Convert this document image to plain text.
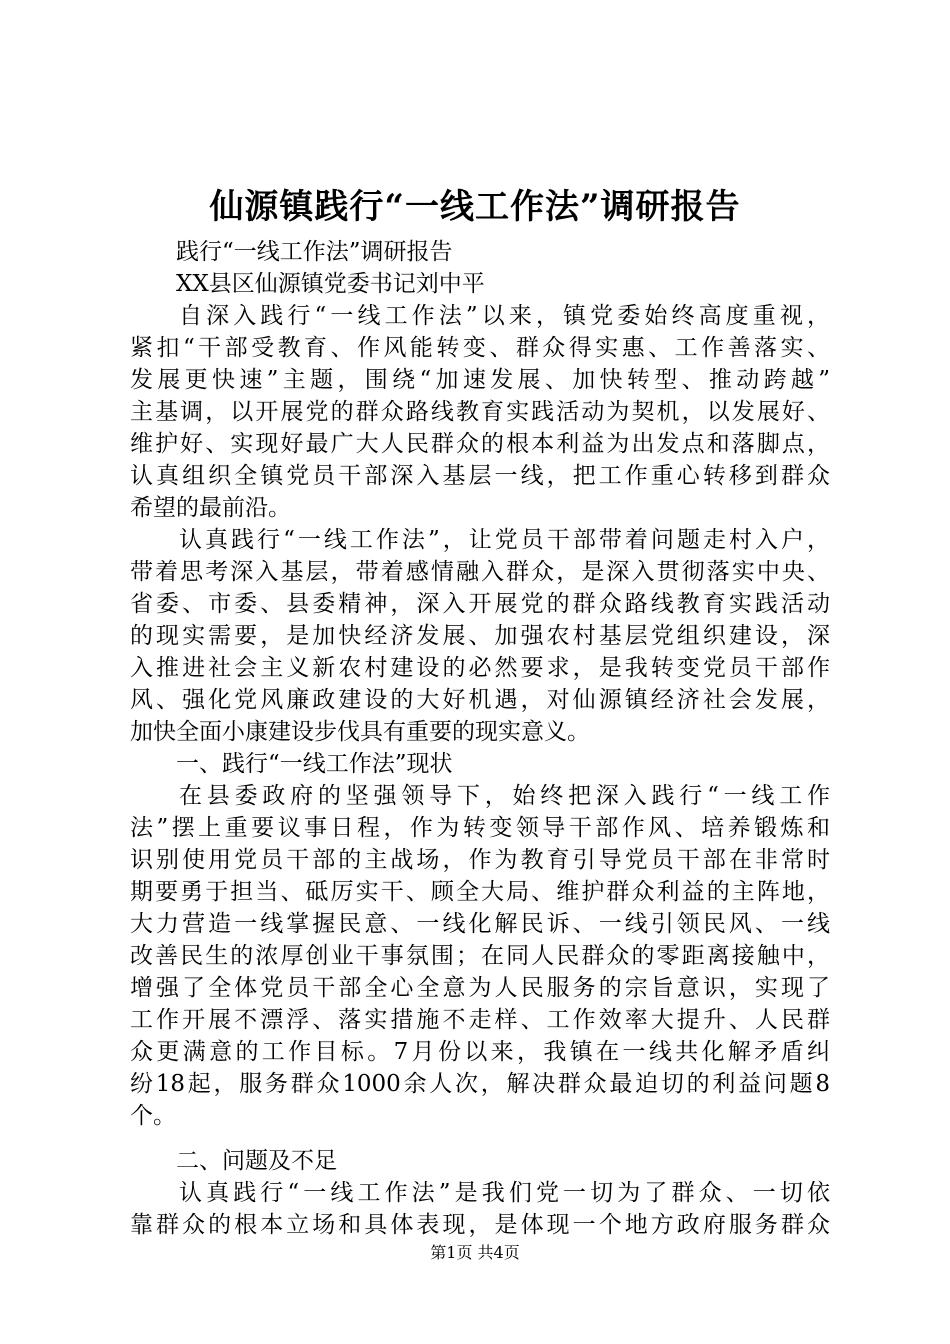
仙源镇践行“一线工作法”调研报告
践行“一线工作法”调研报告
XX县区仙源镇党委书记刘中平
自深入践行“一线工作法”以来，镇党委始终高度重视，
紧扣“干部受教育、作风能转变、群众得实惠、工作善落实、
发展更快速”主题，围绕“加速发展、加快转型、推动跨越”
主基调，以开展党的群众路线教育实践活动为契机，以发展好、
维护好、实现好最广大人民群众的根本利益为出发点和落脚点，
认真组织全镇党员干部深入基层一线，把工作重心转移到群众
希望的最前沿。
认真践行“一线工作法”，让党员干部带着问题走村入户，
带着思考深入基层，带着感情融入群众，是深入贯彻落实中央、
省委、市委、县委精神，深入开展党的群众路线教育实践活动
的现实需要，是加快经济发展、加强农村基层党组织建设，深
入推进社会主义新农村建设的必然要求，是我转变党员干部作
风、强化党风廉政建设的大好机遇，对仙源镇经济社会发展，
加快全面小康建设步伐具有重要的现实意义。
一、践行“一线工作法”现状
在县委政府的坚强领导下，始终把深入践行“一线工作
法”摆上重要议事日程，作为转变领导干部作风、培养锻炼和
识别使用党员干部的主战场，作为教育引导党员干部在非常时
期要勇于担当、砥厉实干、顾全大局、维护群众利益的主阵地，
大力营造一线掌握民意、一线化解民诉、一线引领民风、一线
改善民生的浓厚创业干事氛围；在同人民群众的零距离接触中，
增强了全体党员干部全心全意为人民服务的宗旨意识，实现了
工作开展不漂浮、落实措施不走样、工作效率大提升、人民群
众更满意的工作目标。7月份以来，我镇在一线共化解矛盾纠
纷18起，服务群众1000余人次，解决群众最迫切的利益问题8
个。
二、问题及不足
认真践行“一线工作法”是我们党一切为了群众、一切依
靠群众的根本立场和具体表现，是体现一个地方政府服务群众
第1页 共4页
